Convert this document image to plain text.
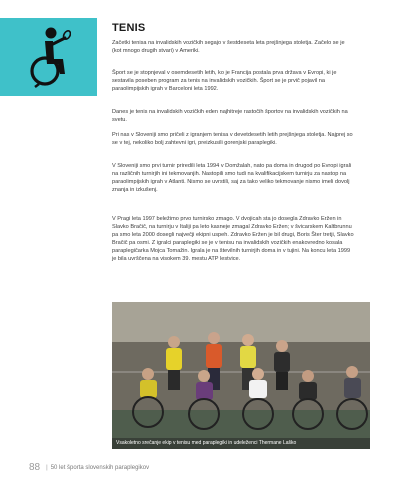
TENIS

Začetki tenisa na invalidskih vozičkih segajo v šestdeseta leta prejšnjega stoletja. Začelo se je (kot mnogo drugih stvari) v Ameriki.

Šport se je stopnjeval v osemdesetih letih, ko je Francija postala prva država v Evropi, ki je sestavila poseben program za tenis na invalidskih vozičkih. Šport se je prvič pojavil na paraolimpijskih igrah v Barceloni leta 1992.

Danes je tenis na invalidskih vozičkih eden najhitreje rastočih športov na invalidskih vozičkih na svetu.

Pri nas v Sloveniji smo pričeli z igranjem tenisa v devetdesetih letih prejšnjega stoletja. Najprej so se v tej, nekoliko bolj zahtevni igri, preizkusili gorenjski paraplegiki.

V Sloveniji smo prvi turnir priredili leta 1994 v Domžalah, nato pa doma in drugod po Evropi igrali na različnih turnirjih ini tekmovanjih. Nastopili smo tudi na kvalifikacijskem turnirju za nastop na paraolimpijskih igrah v Atlanti. Nismo se uvrstili, saj za tako veliko tekmovanje nismo imeli dovolj znanja in izkušenj.

V Pragi leta 1997 beležimo prvo turnirsko zmago. V dvojicah sta jo dosegla Zdravko Eržen in Slavko Bračič, na turnirju v Italiji pa leto kasneje zmagal Zdravko Eržen; v švicarskem Kaltbrunnu pa smo leta 2000 dosegli največji ekipni uspeh. Zdravko Eržen je bil drugi, Boris Šter tretji, Slavko Bračič pa osmi. Z igralci paraplegiki se je v tenisu na invalidskih vozičkih enakovredno kosala paraplegičarka Mojca Tomažin. Igrala je na številnih turnirjih doma in v tujini. Na koncu leta 1999 je bila uvrščena na visokem 39. mestu ATP lestvice.

Vsakoletno srečanje ekip v tenisu med paraplegiki in udeleženci Thermane Laško
88 | 50 let športa slovenskih paraplegikov
